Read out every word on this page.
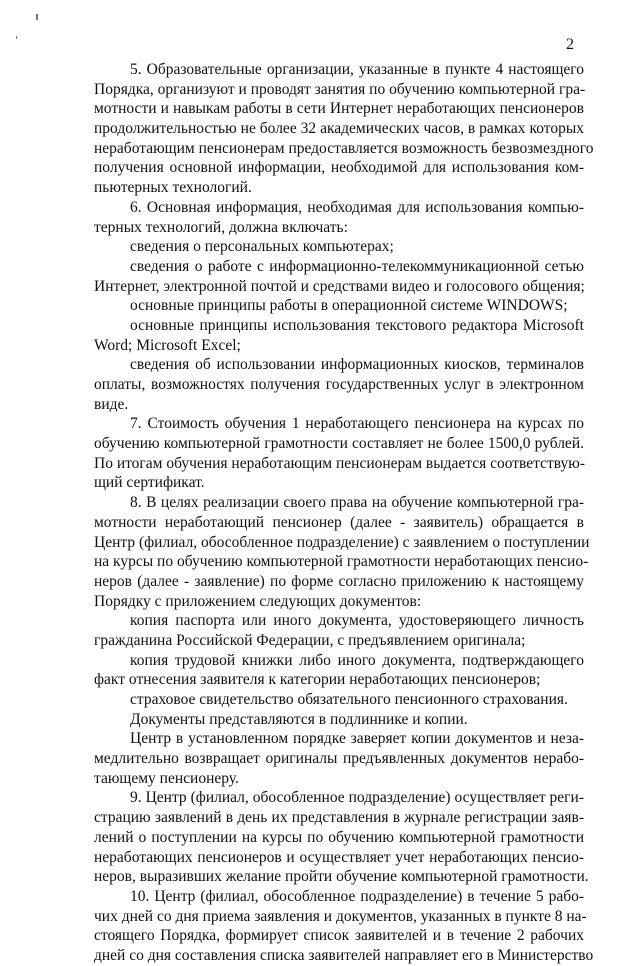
2
5. Образовательные организации, указанные в пункте 4 настоящего
Порядка, организуют и проводят занятия по обучению компьютерной гра-
мотности и навыкам работы в сети Интернет неработающих пенсионеров
продолжительностью не более 32 академических часов, в рамках которых
неработающим пенсионерам предоставляется возможность безвозмездного
получения основной информации, необходимой для использования ком-
пьютерных технологий.
6. Основная информация, необходимая для использования компью-
терных технологий, должна включать:
сведения о персональных компьютерах;
сведения о работе с информационно-телекоммуникационной сетью
Интернет, электронной почтой и средствами видео и голосового общения;
основные принципы работы в операционной системе WINDOWS;
основные принципы использования текстового редактора Microsoft
Word; Microsoft Excel;
сведения об использовании информационных киосков, терминалов
оплаты, возможностях получения государственных услуг в электронном
виде.
7. Стоимость обучения 1 неработающего пенсионера на курсах по
обучению компьютерной грамотности составляет не более 1500,0 рублей.
По итогам обучения неработающим пенсионерам выдается соответствую-
щий сертификат.
8. В целях реализации своего права на обучение компьютерной гра-
мотности неработающий пенсионер (далее - заявитель) обращается в
Центр (филиал, обособленное подразделение) с заявлением о поступлении
на курсы по обучению компьютерной грамотности неработающих пенсио-
неров (далее - заявление) по форме согласно приложению к настоящему
Порядку с приложением следующих документов:
копия паспорта или иного документа, удостоверяющего личность
гражданина Российской Федерации, с предъявлением оригинала;
копия трудовой книжки либо иного документа, подтверждающего
факт отнесения заявителя к категории неработающих пенсионеров;
страховое свидетельство обязательного пенсионного страхования.
Документы представляются в подлиннике и копии.
Центр в установленном порядке заверяет копии документов и неза-
медлительно возвращает оригиналы предъявленных документов нерабо-
тающему пенсионеру.
9. Центр (филиал, обособленное подразделение) осуществляет реги-
страцию заявлений в день их представления в журнале регистрации заяв-
лений о поступлении на курсы по обучению компьютерной грамотности
неработающих пенсионеров и осуществляет учет неработающих пенсио-
неров, выразивших желание пройти обучение компьютерной грамотности.
10. Центр (филиал, обособленное подразделение) в течение 5 рабо-
чих дней со дня приема заявления и документов, указанных в пункте 8 на-
стоящего Порядка, формирует список заявителей и в течение 2 рабочих
дней со дня составления списка заявителей направляет его в Министерство
